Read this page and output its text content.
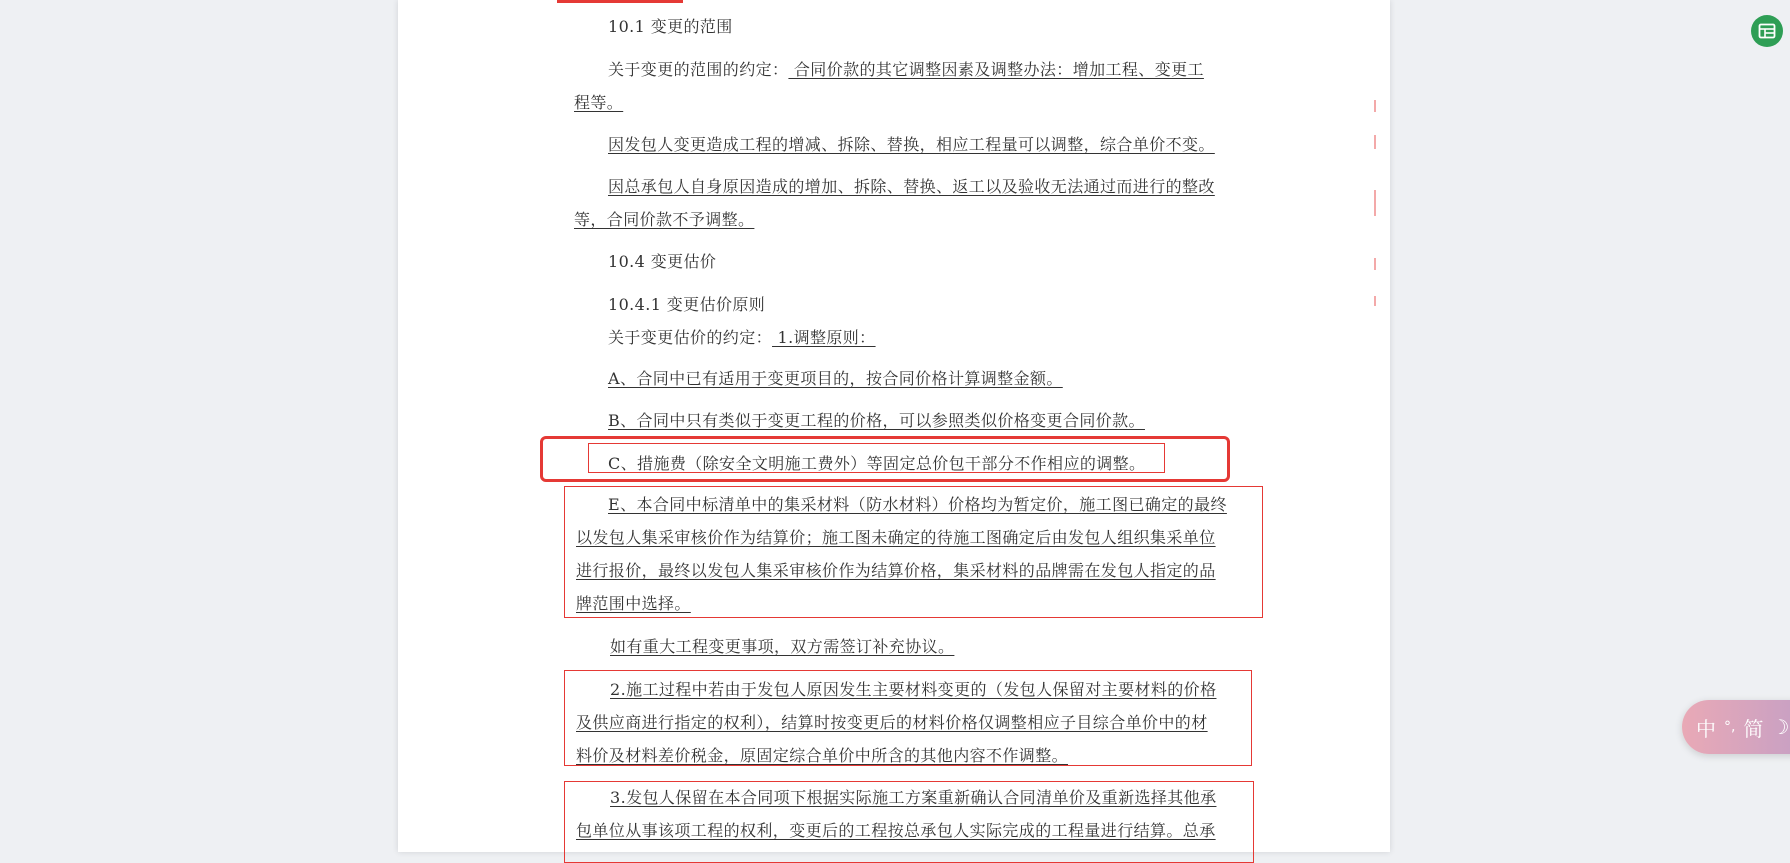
10.1 变更的范围
关于变更的范围的约定： 合同价款的其它调整因素及调整办法：增加工程、变更工
程等。
因发包人变更造成工程的增减、拆除、替换，相应工程量可以调整，综合单价不变。
因总承包人自身原因造成的增加、拆除、替换、返工以及验收无法通过而进行的整改
等，合同价款不予调整。
10.4 变更估价
10.4.1 变更估价原则
关于变更估价的约定： 1.调整原则：
A、合同中已有适用于变更项目的，按合同价格计算调整金额。
B、合同中只有类似于变更工程的价格，可以参照类似价格变更合同价款。
C、措施费（除安全文明施工费外）等固定总价包干部分不作相应的调整。
E、本合同中标清单中的集采材料（防水材料）价格均为暂定价，施工图已确定的最终
以发包人集采审核价作为结算价；施工图未确定的待施工图确定后由发包人组织集采单位
进行报价，最终以发包人集采审核价作为结算价格，集采材料的品牌需在发包人指定的品
牌范围中选择。
如有重大工程变更事项，双方需签订补充协议。
2.施工过程中若由于发包人原因发生主要材料变更的（发包人保留对主要材料的价格
及供应商进行指定的权利），结算时按变更后的材料价格仅调整相应子目综合单价中的材
料价及材料差价税金，原固定综合单价中所含的其他内容不作调整。
3.发包人保留在本合同项下根据实际施工方案重新确认合同清单价及重新选择其他承
包单位从事该项工程的权利，变更后的工程按总承包人实际完成的工程量进行结算。总承
中 °, 简 ☽
